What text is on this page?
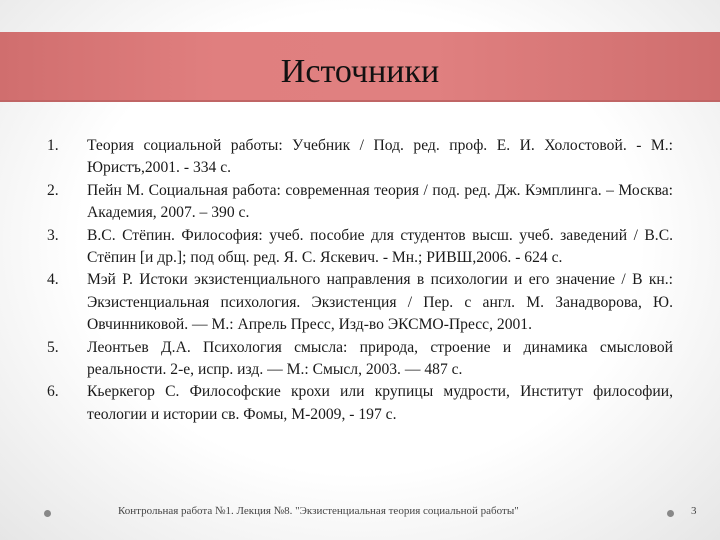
Источники
1.	Теория социальной работы: Учебник / Под. ред. проф. Е. И. Холостовой. - М.: Юристъ,2001. - 334 с.
2.	Пейн М. Социальная работа: современная теория / под. ред. Дж. Кэмплинга. – Москва: Академия, 2007. – 390 с.
3.	В.С. Стёпин. Философия: учеб. пособие для студентов высш. учеб. заведений / В.С. Стёпин [и др.]; под общ. ред. Я. С. Яскевич. - Мн.; РИВШ,2006. - 624 с.
4.	Мэй Р. Истоки экзистенциального направления в психологии и его значение / В кн.: Экзистенциальная психология. Экзистенция / Пер. с англ. М. Занадворова, Ю. Овчинниковой. — М.: Апрель Пресс, Изд-во ЭКСМО-Пресс, 2001.
5.	Леонтьев Д.А. Психология смысла: природа, строение и динамика смысловой реальности. 2-е, испр. изд. — М.: Смысл, 2003. — 487 с.
6.	Кьеркегор С. Философские крохи или крупицы мудрости, Институт философии, теологии и истории св. Фомы, М-2009, - 197 с.
Контрольная работа №1. Лекция №8. "Экзистенциальная теория социальной работы"	3
